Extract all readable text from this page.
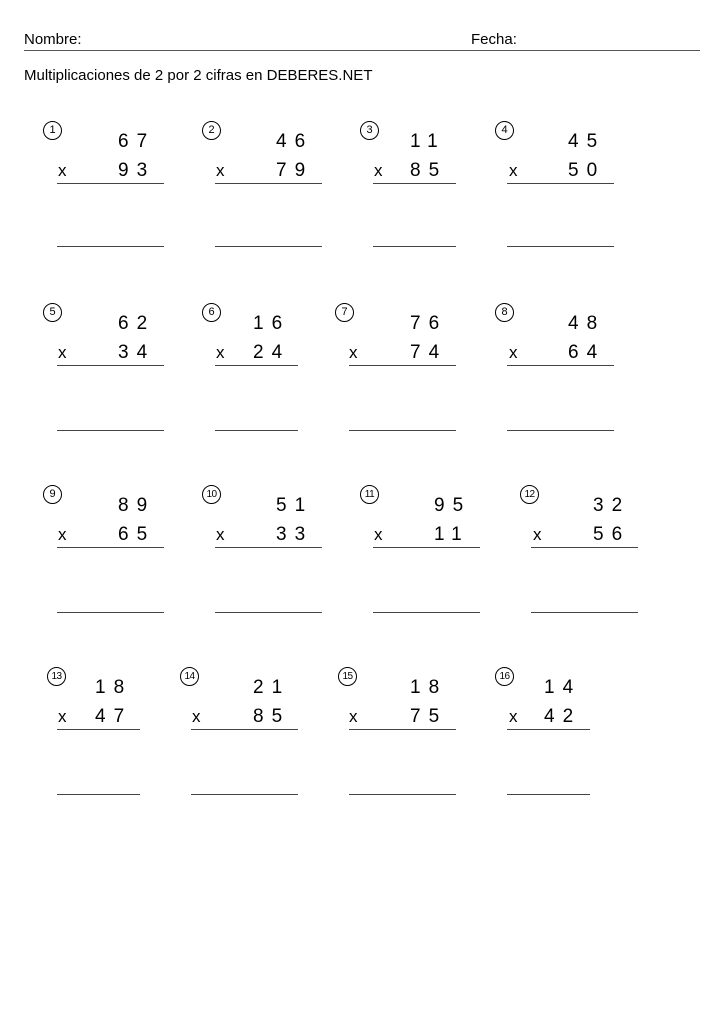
Nombre:	Fecha:
Multiplicaciones de 2 por 2 cifras en DEBERES.NET
1
67
x	93
2
46
x	79
3
11
x 85
4
45
x	50
5
62
x	34
6
16
x 24
7
76
x	74
8
48
x	64
9
89
x	65
10
51
x	33
11
95
x	11
12
32
x	56
13
18
x 47
14
21
x	85
15
18
x	75
16
14
x 42
